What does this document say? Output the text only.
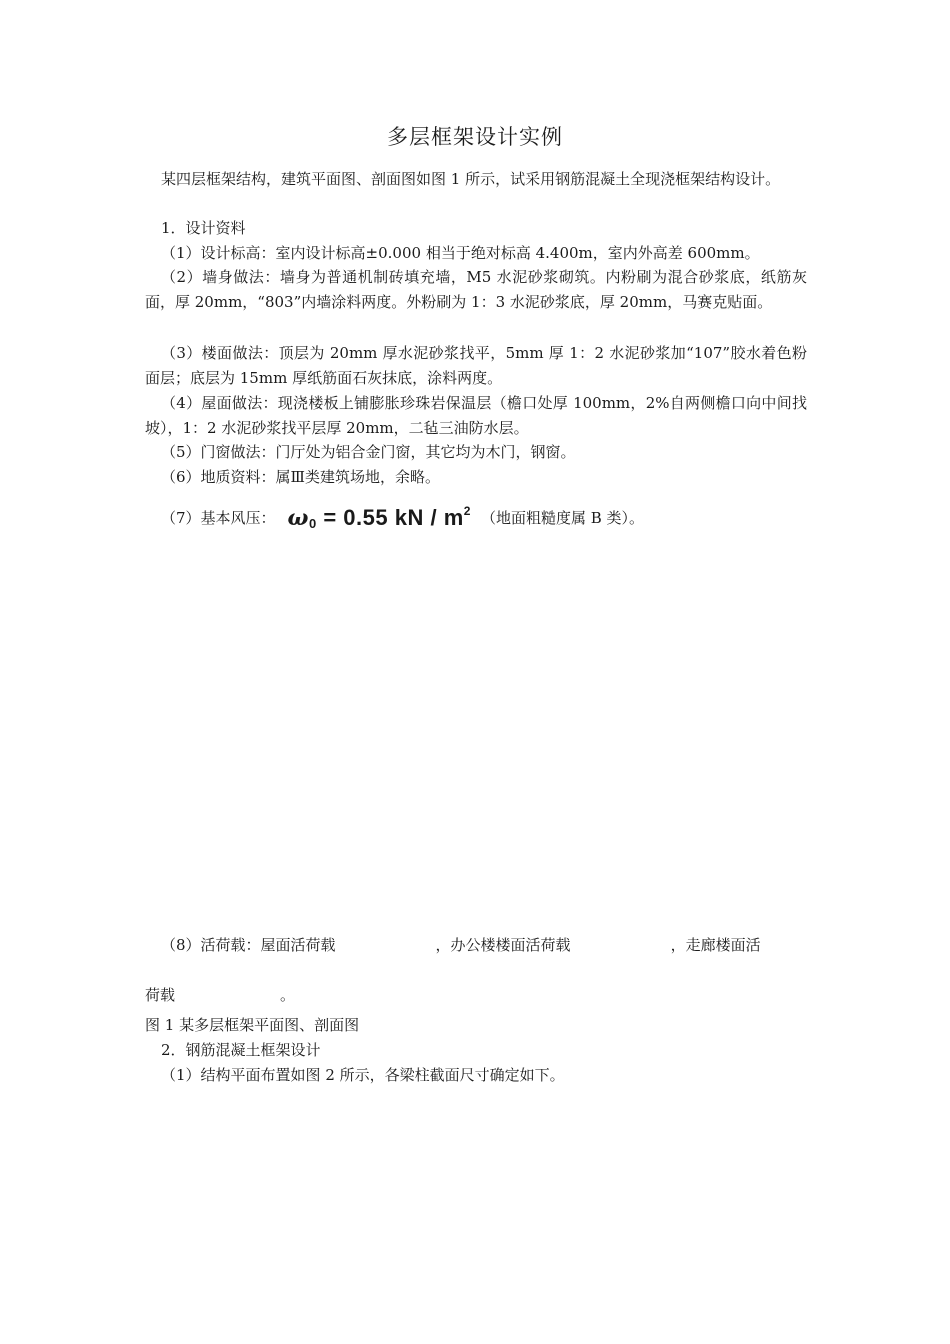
多层框架设计实例

某四层框架结构，建筑平面图、剖面图如图 1 所示，试采用钢筋混凝土全现浇框架结构设计。

1．设计资料

（1）设计标高：室内设计标高±0.000 相当于绝对标高 4.400m，室内外高差 600mm。

（2）墙身做法：墙身为普通机制砖填充墙，M5 水泥砂浆砌筑。内粉刷为混合砂浆底，纸筋灰面，厚 20mm，“803”内墙涂料两度。外粉刷为 1：3 水泥砂浆底，厚 20mm，马赛克贴面。

（3）楼面做法：顶层为 20mm 厚水泥砂浆找平，5mm 厚 1：2 水泥砂浆加“107”胶水着色粉面层；底层为 15mm 厚纸筋面石灰抹底，涂料两度。

（4）屋面做法：现浇楼板上铺膨胀珍珠岩保温层（檐口处厚 100mm，2%自两侧檐口向中间找坡），1：2 水泥砂浆找平层厚 20mm，二毡三油防水层。

（5）门窗做法：门厅处为铝合金门窗，其它均为木门，钢窗。

（6）地质资料：属Ⅲ类建筑场地，余略。

（7）基本风压： $\omega_0 = 0.55$ kN / $m^2$ （地面粗糙度属 B 类）。
（8）活荷载：屋面活荷载	，办公楼楼面活荷载	，走廊楼面活
荷载	。

图 1 某多层框架平面图、剖面图

2．钢筋混凝土框架设计

（1）结构平面布置如图 2 所示，各梁柱截面尺寸确定如下。
